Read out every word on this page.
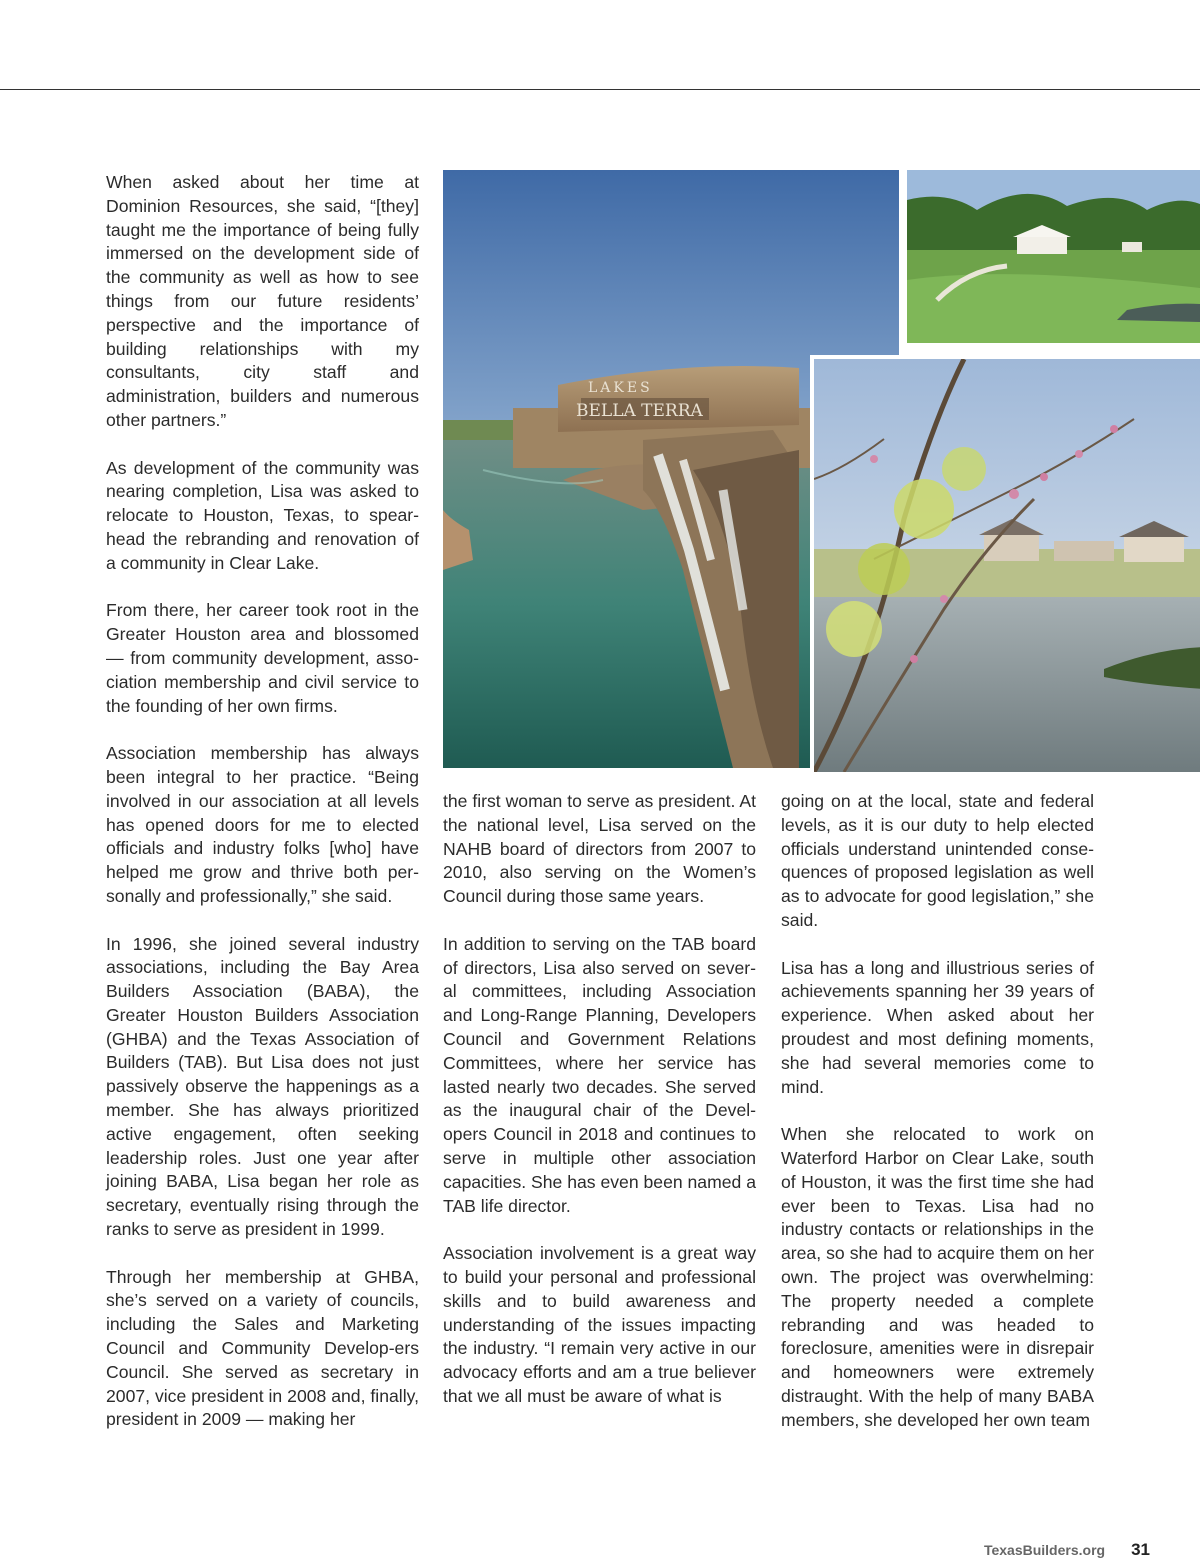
When asked about her time at Dominion Resources, she said, “[they] taught me the importance of being fully immersed on the development side of the community as well as how to see things from our future residents’ perspective and the importance of building relationships with my consultants, city staff and administration, builders and numerous other partners.”

As development of the community was nearing completion, Lisa was asked to relocate to Houston, Texas, to spear-head the rebranding and renovation of a community in Clear Lake.

From there, her career took root in the Greater Houston area and blossomed — from community development, asso-ciation membership and civil service to the founding of her own firms.

Association membership has always been integral to her practice. “Being involved in our association at all levels has opened doors for me to elected officials and industry folks [who] have helped me grow and thrive both per-sonally and professionally,” she said.

In 1996, she joined several industry associations, including the Bay Area Builders Association (BABA), the Greater Houston Builders Association (GHBA) and the Texas Association of Builders (TAB). But Lisa does not just passively observe the happenings as a member. She has always prioritized active engagement, often seeking leadership roles. Just one year after joining BABA, Lisa began her role as secretary, eventually rising through the ranks to serve as president in 1999.

Through her membership at GHBA, she’s served on a variety of councils, including the Sales and Marketing Council and Community Develop-ers Council. She served as secretary in 2007, vice president in 2008 and, finally, president in 2009 — making her

LAKES
BELLA TERRA

the first woman to serve as president. At the national level, Lisa served on the NAHB board of directors from 2007 to 2010, also serving on the Women’s Council during those same years.

In addition to serving on the TAB board of directors, Lisa also served on sever-al committees, including Association and Long-Range Planning, Developers Council and Government Relations Committees, where her service has lasted nearly two decades. She served as the inaugural chair of the Devel-opers Council in 2018 and continues to serve in multiple other association capacities. She has even been named a TAB life director.

Association involvement is a great way to build your personal and professional skills and to build awareness and understanding of the issues impacting the industry. “I remain very active in our advocacy efforts and am a true believer that we all must be aware of what is

going on at the local, state and federal levels, as it is our duty to help elected officials understand unintended conse-quences of proposed legislation as well as to advocate for good legislation,” she said.

Lisa has a long and illustrious series of achievements spanning her 39 years of experience. When asked about her proudest and most defining moments, she had several memories come to mind.

When she relocated to work on Waterford Harbor on Clear Lake, south of Houston, it was the first time she had ever been to Texas. Lisa had no industry contacts or relationships in the area, so she had to acquire them on her own. The project was overwhelming: The property needed a complete rebranding and was headed to foreclosure, amenities were in disrepair and homeowners were extremely distraught. With the help of many BABA members, she developed her own team

TexasBuilders.org 31
